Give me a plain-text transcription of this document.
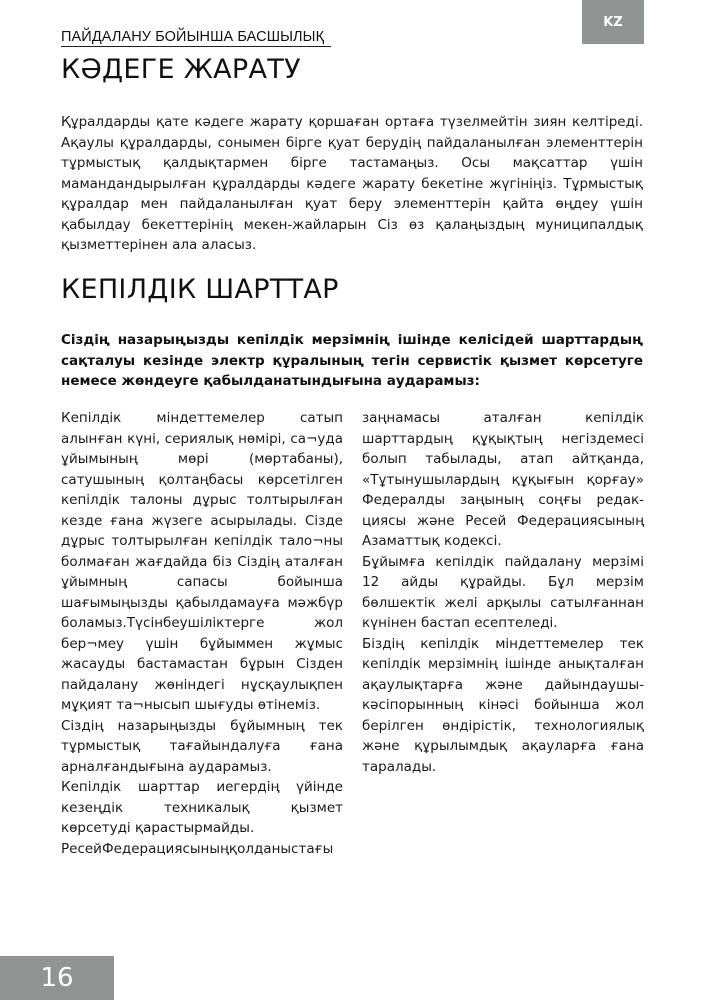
KZ
ПАЙДАЛАНУ БОЙЫНША БАСШЫЛЫҚ
КӘДЕГЕ ЖАРАТУ

Құралдарды қате кәдеге жарату қоршаған ортаға түзелмейтін зиян келтіреді. Ақаулы құралдарды, сонымен бірге қуат берудің пайдаланылған элементтерін тұрмыстық қалдықтармен бірге тастамаңыз. Осы мақсаттар үшін мамандандырылған құралдарды кәдеге жарату бекетіне жүгініңіз. Тұрмыстық құралдар мен пайдаланылған қуат беру элементтерін қайта өңдеу үшін қабылдау бекеттерінің мекен-жайларын Сіз өз қалаңыздың муниципалдық қызметтерінен ала аласыз.

КЕПІЛДІК ШАРТТАР

Сіздің назарыңызды кепілдік мерзімнің ішінде келісідей шарттардың сақталуы кезінде электр құралының тегін сервистік қызмет көрсетуге немесе жөндеуге қабылданатындығына аударамыз:

Кепілдік міндеттемелер сатып алынған күні, сериялық нөмірі, са¬уда ұйымының мөрі (мөртабаны), сатушының қолтаңбасы көрсетілген кепілдік талоны дұрыс толтырылған кезде ғана жүзеге асырылады. Сізде дұрыс толтырылған кепілдік тало¬ны болмаған жағдайда біз Сіздің аталған ұйымның сапасы бойынша шағымыңызды қабылдамауға мәжбүр боламыз.Түсінбеушіліктерге жол бер¬меу үшін бұйыммен жұмыс жасауды бастамастан бұрын Сізден пайдалану жөніндегі нұсқаулықпен мұқият та¬нысып шығуды өтінеміз.

Сіздің назарыңызды бұйымның тек тұрмыстық тағайындалуға ғана арналғандығына аударамыз.

Кепілдік шарттар иегердің үйінде кезеңдік техникалық қызмет көрсетуді қарастырмайды.

РесейФедерациясыныңқолданыстағы

заңнамасы аталған кепілдік шарттардың құқықтың негіздемесі болып табылады, атап айтқанда, «Тұтынушылардың құқығын қорғау» Федералды заңының соңғы редак-циясы және Ресей Федерациясының Азаматтық кодексі.

Бұйымға кепілдік пайдалану мерзімі 12 айды құрайды. Бұл мерзім бөлшектік желі арқылы сатылғаннан күнінен бастап есептеледі.

Біздің кепілдік міндеттемелер тек кепілдік мерзімнің ішінде анықталған ақаулықтарға және дайындаушы-кәсіпорынның кінәсі бойынша жол берілген өндірістік, технологиялық және құрылымдық ақауларға ғана таралады.

16
